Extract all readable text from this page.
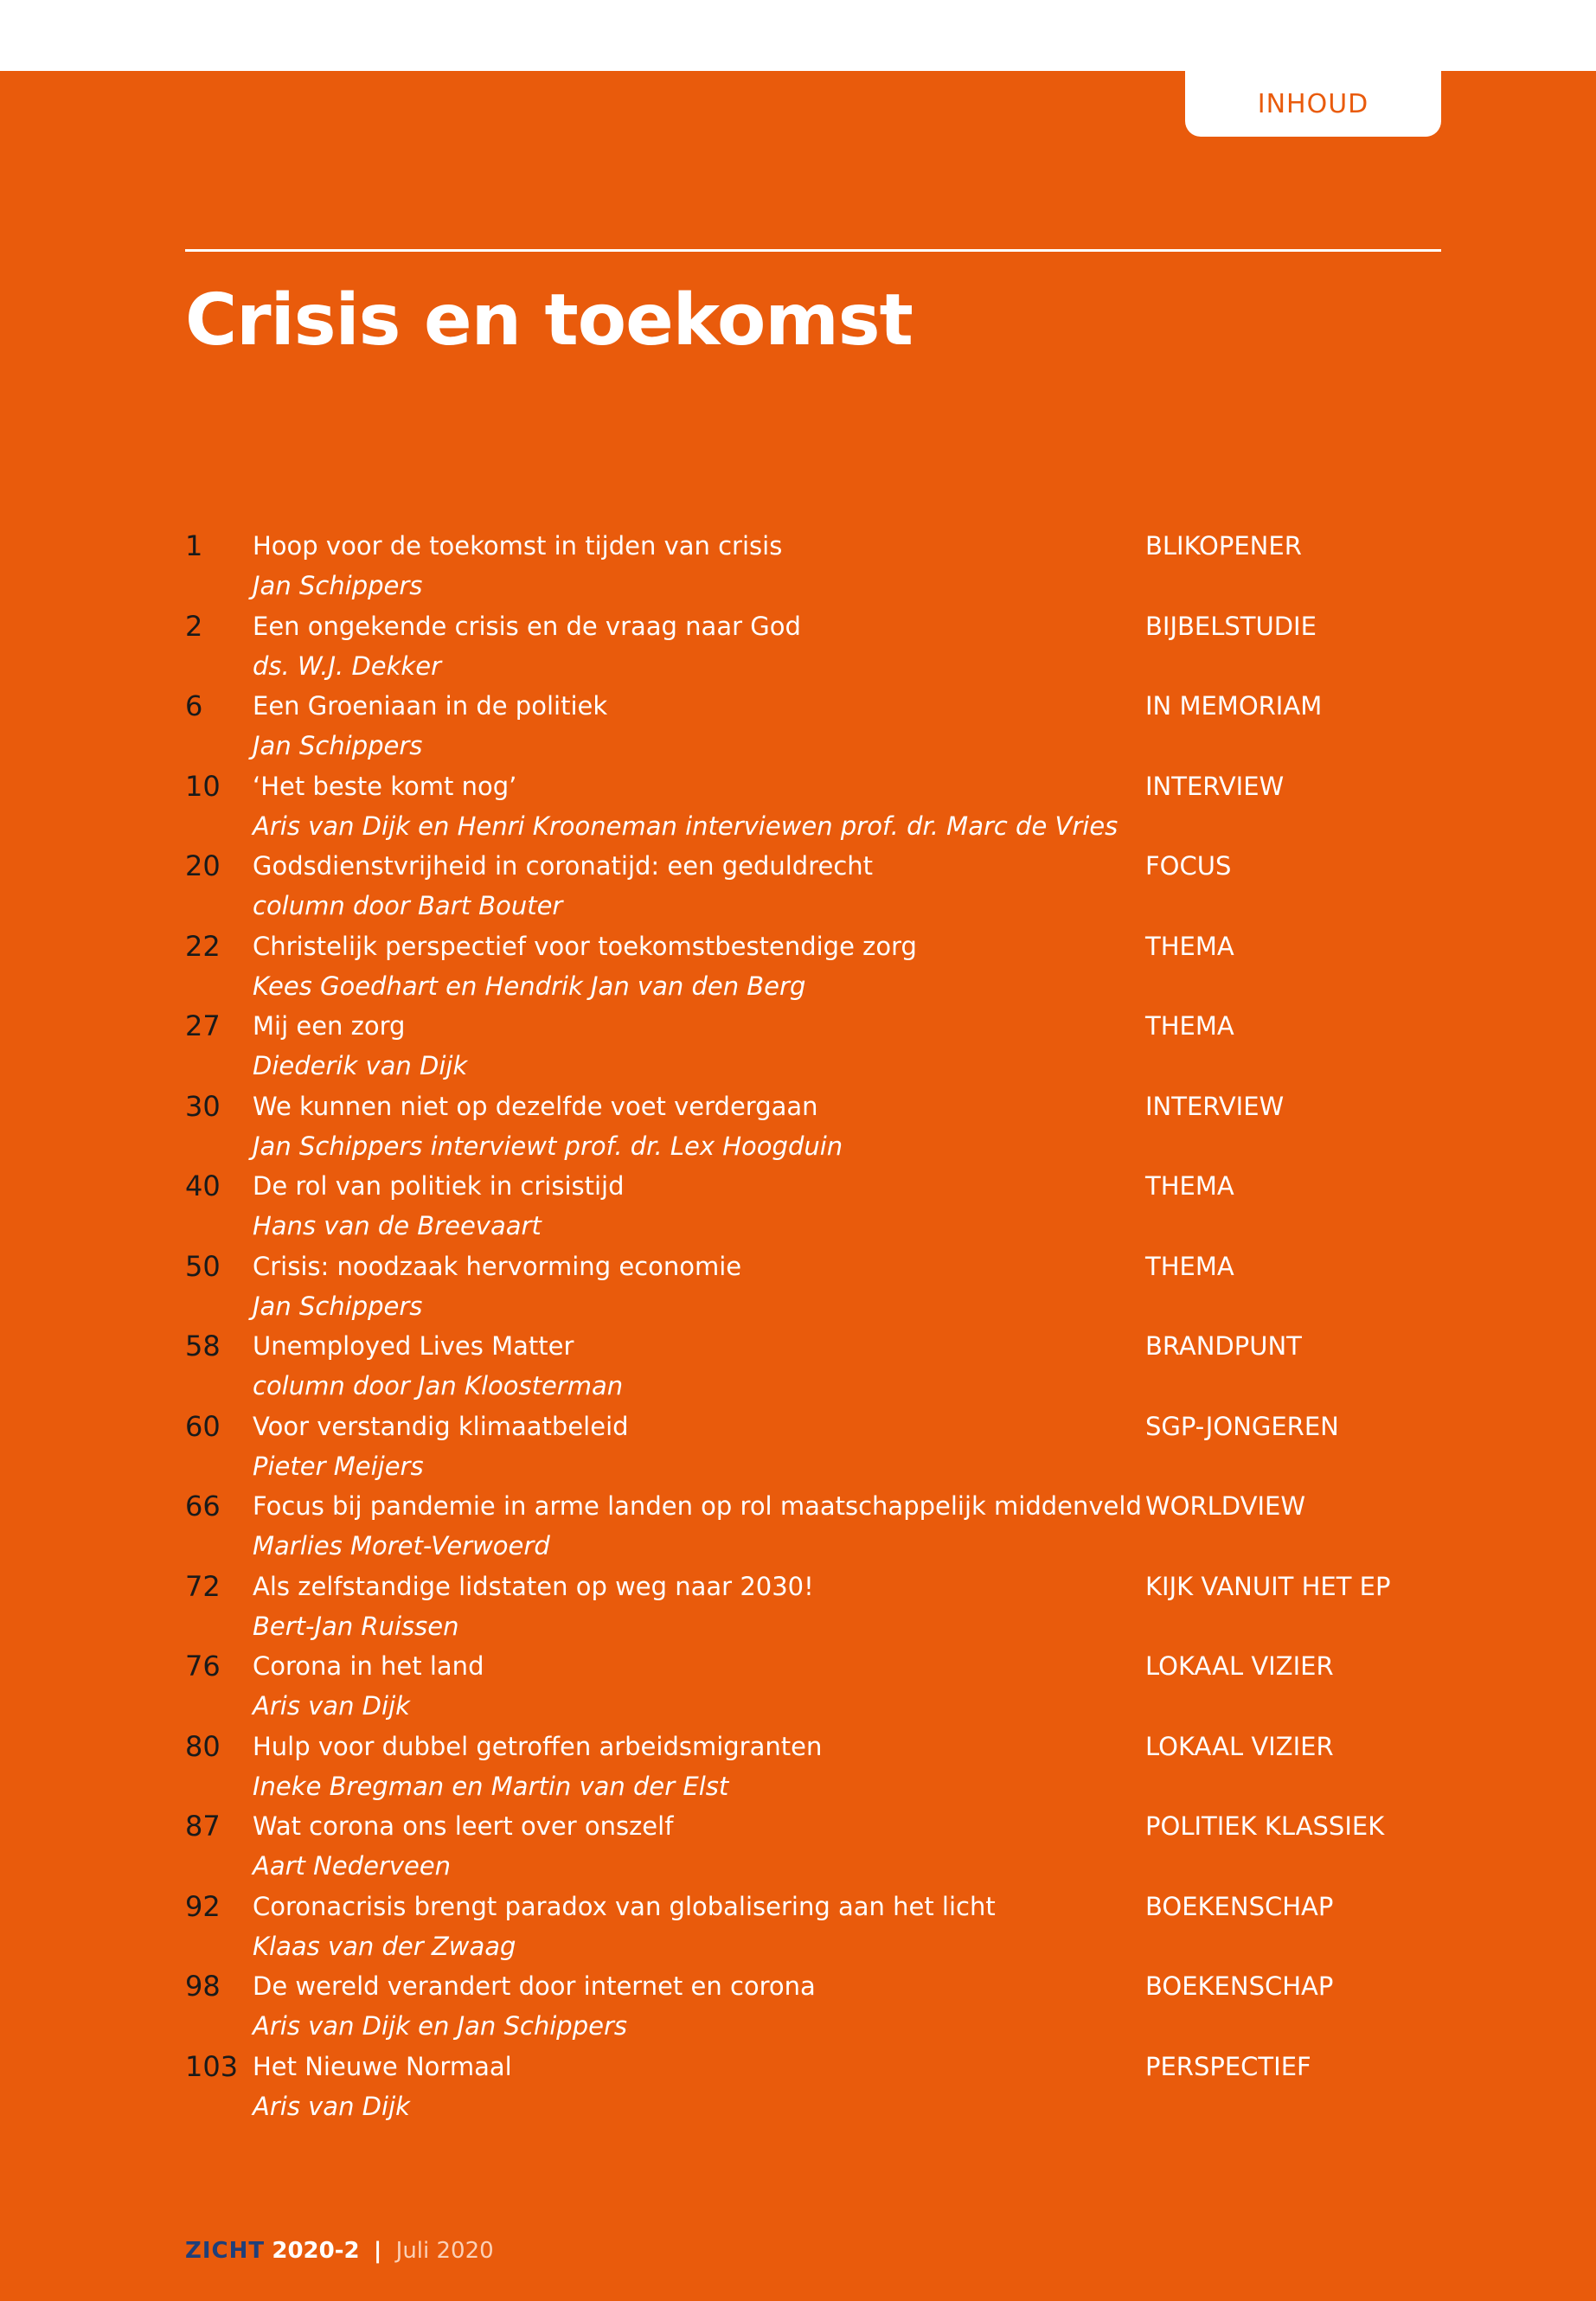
INHOUD
Crisis en toekomst
1 Hoop voor de toekomst in tijden van crisis
Jan Schippers
BLIKOPENER
2 Een ongekende crisis en de vraag naar God
ds. W.J. Dekker
BIJBELSTUDIE
6 Een Groeniaan in de politiek
Jan Schippers
IN MEMORIAM
10 ‘Het beste komt nog’
Aris van Dijk en Henri Krooneman interviewen prof. dr. Marc de Vries
INTERVIEW
20 Godsdienstvrijheid in coronatijd: een geduldrecht
column door Bart Bouter
FOCUS
22 Christelijk perspectief voor toekomstbestendige zorg
Kees Goedhart en Hendrik Jan van den Berg
THEMA
27 Mij een zorg
Diederik van Dijk
THEMA
30 We kunnen niet op dezelfde voet verdergaan
Jan Schippers interviewt prof. dr. Lex Hoogduin
INTERVIEW
40 De rol van politiek in crisistijd
Hans van de Breevaart
THEMA
50 Crisis: noodzaak hervorming economie
Jan Schippers
THEMA
58 Unemployed Lives Matter
column door Jan Kloosterman
BRANDPUNT
60 Voor verstandig klimaatbeleid
Pieter Meijers
SGP-JONGEREN
66 Focus bij pandemie in arme landen op rol maatschappelijk middenveld
Marlies Moret-Verwoerd
WORLDVIEW
72 Als zelfstandige lidstaten op weg naar 2030!
Bert-Jan Ruissen
KIJK VANUIT HET EP
76 Corona in het land
Aris van Dijk
LOKAAL VIZIER
80 Hulp voor dubbel getroffen arbeidsmigranten
Ineke Bregman en Martin van der Elst
LOKAAL VIZIER
87 Wat corona ons leert over onszelf
Aart Nederveen
POLITIEK KLASSIEK
92 Coronacrisis brengt paradox van globalisering aan het licht
Klaas van der Zwaag
BOEKENSCHAP
98 De wereld verandert door internet en corona
Aris van Dijk en Jan Schippers
BOEKENSCHAP
103 Het Nieuwe Normaal
Aris van Dijk
PERSPECTIEF
ZICHT 2020-2 | Juli 2020
